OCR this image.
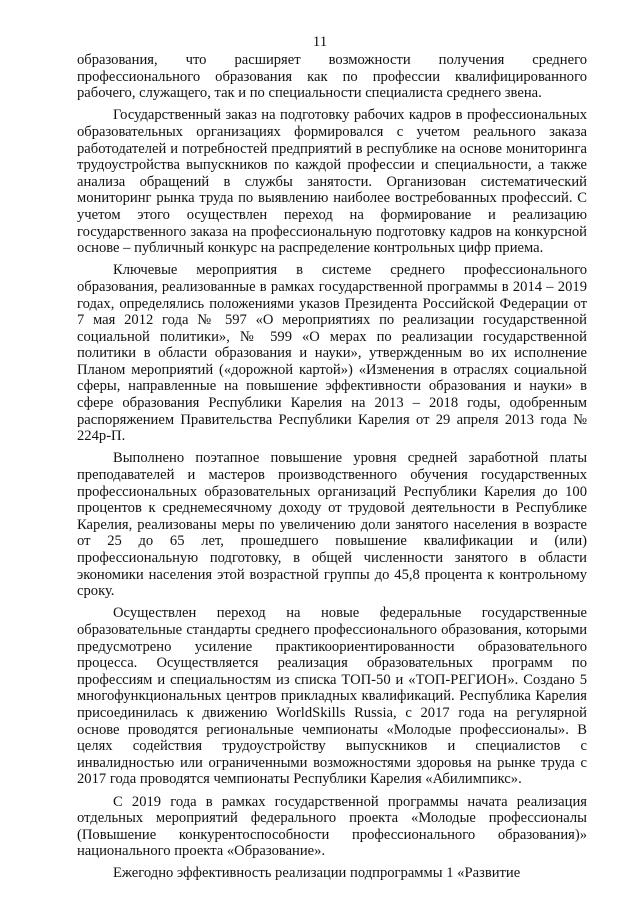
11

образования, что расширяет возможности получения среднего профессионального образования как по профессии квалифицированного рабочего, служащего, так и по специальности специалиста среднего звена.

Государственный заказ на подготовку рабочих кадров в профессиональных образовательных организациях формировался с учетом реального заказа работодателей и потребностей предприятий в республике на основе мониторинга трудоустройства выпускников по каждой профессии и специальности, а также анализа обращений в службы занятости. Организован систематический мониторинг рынка труда по выявлению наиболее востребованных профессий. С учетом этого осуществлен переход на формирование и реализацию государственного заказа на профессиональную подготовку кадров на конкурсной основе – публичный конкурс на распределение контрольных цифр приема.

Ключевые мероприятия в системе среднего профессионального образования, реализованные в рамках государственной программы в 2014 – 2019 годах, определялись положениями указов Президента Российской Федерации от 7 мая 2012 года № 597 «О мероприятиях по реализации государственной социальной политики», № 599 «О мерах по реализации государственной политики в области образования и науки», утвержденным во их исполнение Планом мероприятий («дорожной картой») «Изменения в отраслях социальной сферы, направленные на повышение эффективности образования и науки» в сфере образования Республики Карелия на 2013 – 2018 годы, одобренным распоряжением Правительства Республики Карелия от 29 апреля 2013 года № 224р-П.

Выполнено поэтапное повышение уровня средней заработной платы преподавателей и мастеров производственного обучения государственных профессиональных образовательных организаций Республики Карелия до 100 процентов к среднемесячному доходу от трудовой деятельности в Республике Карелия, реализованы меры по увеличению доли занятого населения в возрасте от 25 до 65 лет, прошедшего повышение квалификации и (или) профессиональную подготовку, в общей численности занятого в области экономики населения этой возрастной группы до 45,8 процента к контрольному сроку.

Осуществлен переход на новые федеральные государственные образовательные стандарты среднего профессионального образования, которыми предусмотрено усиление практикоориентированности образовательного процесса. Осуществляется реализация образовательных программ по профессиям и специальностям из списка ТОП-50 и «ТОП-РЕГИОН». Создано 5 многофункциональных центров прикладных квалификаций. Республика Карелия присоединилась к движению WorldSkills Russia, с 2017 года на регулярной основе проводятся региональные чемпионаты «Молодые профессионалы». В целях содействия трудоустройству выпускников и специалистов с инвалидностью или ограниченными возможностями здоровья на рынке труда с 2017 года проводятся чемпионаты Республики Карелия «Абилимпикс».

С 2019 года в рамках государственной программы начата реализация отдельных мероприятий федерального проекта «Молодые профессионалы (Повышение конкурентоспособности профессионального образования)» национального проекта «Образование».

Ежегодно эффективность реализации подпрограммы 1 «Развитие
